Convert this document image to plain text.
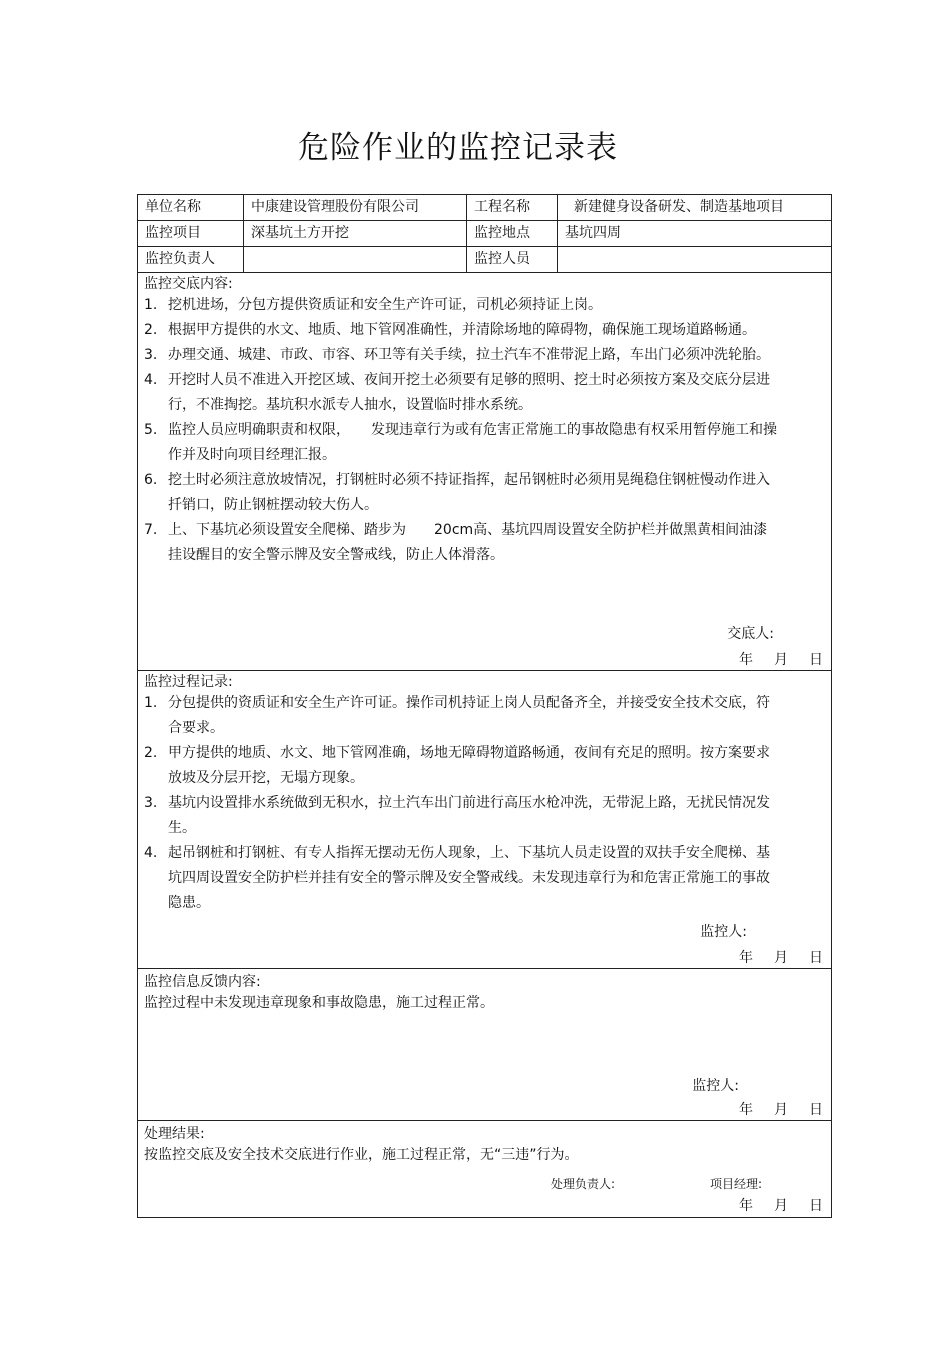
危险作业的监控记录表
单位名称	中康建设管理股份有限公司	工程名称	新建健身设备研发、制造基地项目
监控项目	深基坑土方开挖	监控地点	基坑四周
监控负责人	监控人员
监控交底内容:
1. 挖机进场，分包方提供资质证和安全生产许可证，司机必须持证上岗。
2. 根据甲方提供的水文、地质、地下管网准确性，并清除场地的障碍物，确保施工现场道路畅通。
3. 办理交通、城建、市政、市容、环卫等有关手续，拉土汽车不准带泥上路，车出门必须冲洗轮胎。
4. 开挖时人员不准进入开挖区域、夜间开挖土必须要有足够的照明、挖土时必须按方案及交底分层进行，不准掏挖。基坑积水派专人抽水，设置临时排水系统。
5. 监控人员应明确职责和权限，　　发现违章行为或有危害正常施工的事故隐患有权采用暂停施工和操作并及时向项目经理汇报。
6. 挖土时必须注意放坡情况，打钢桩时必须不持证指挥，起吊钢桩时必须用晃绳稳住钢桩慢动作进入扦销口，防止钢桩摆动较大伤人。
7. 上、下基坑必须设置安全爬梯、踏步为　　20cm高、基坑四周设置安全防护栏并做黑黄相间油漆挂设醒目的安全警示牌及安全警戒线，防止人体滑落。
交底人:
年 月 日
监控过程记录:
1. 分包提供的资质证和安全生产许可证。操作司机持证上岗人员配备齐全，并接受安全技术交底，符合要求。
2. 甲方提供的地质、水文、地下管网准确，场地无障碍物道路畅通，夜间有充足的照明。按方案要求放坡及分层开挖，无塌方现象。
3. 基坑内设置排水系统做到无积水，拉土汽车出门前进行高压水枪冲洗，无带泥上路，无扰民情况发生。
4. 起吊钢桩和打钢桩、有专人指挥无摆动无伤人现象，上、下基坑人员走设置的双扶手安全爬梯、基坑四周设置安全防护栏并挂有安全的警示牌及安全警戒线。未发现违章行为和危害正常施工的事故隐患。
监控人:
年 月 日
监控信息反馈内容:
监控过程中未发现违章现象和事故隐患，施工过程正常。
监控人:
年 月 日
处理结果:
按监控交底及安全技术交底进行作业，施工过程正常，无“三违”行为。
处理负责人:	项目经理:
年 月 日
